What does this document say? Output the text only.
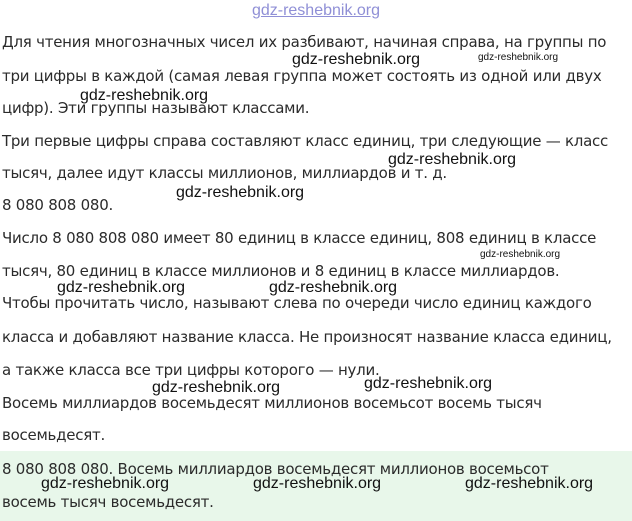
gdz-reshebnik.org
Для чтения многозначных чисел их разбивают, начиная справа, на группы по
три цифры в каждой (самая левая группа может состоять из одной или двух
цифр). Эти группы называют классами.
Три первые цифры справа составляют класс единиц, три следующие — класс
тысяч, далее идут классы миллионов, миллиардов и т. д.
8 080 808 080.
Число 8 080 808 080 имеет 80 единиц в классе единиц, 808 единиц в классе
тысяч, 80 единиц в классе миллионов и 8 единиц в классе миллиардов.
Чтобы прочитать число, называют слева по очереди число единиц каждого
класса и добавляют название класса. Не произносят название класса единиц,
а также класса все три цифры которого — нули.
Восемь миллиардов восемьдесят миллионов восемьсот восемь тысяч
восемьдесят.
8 080 808 080. Восемь миллиардов восемьдесят миллионов восемьсот
восемь тысяч восемьдесят.
gdz-reshebnik.org	gdz-reshebnik.org
gdz-reshebnik.org
gdz-reshebnik.org
gdz-reshebnik.org
gdz-reshebnik.org
gdz-reshebnik.org	gdz-reshebnik.org
gdz-reshebnik.org	gdz-reshebnik.org
gdz-reshebnik.org	gdz-reshebnik.org	gdz-reshebnik.org
